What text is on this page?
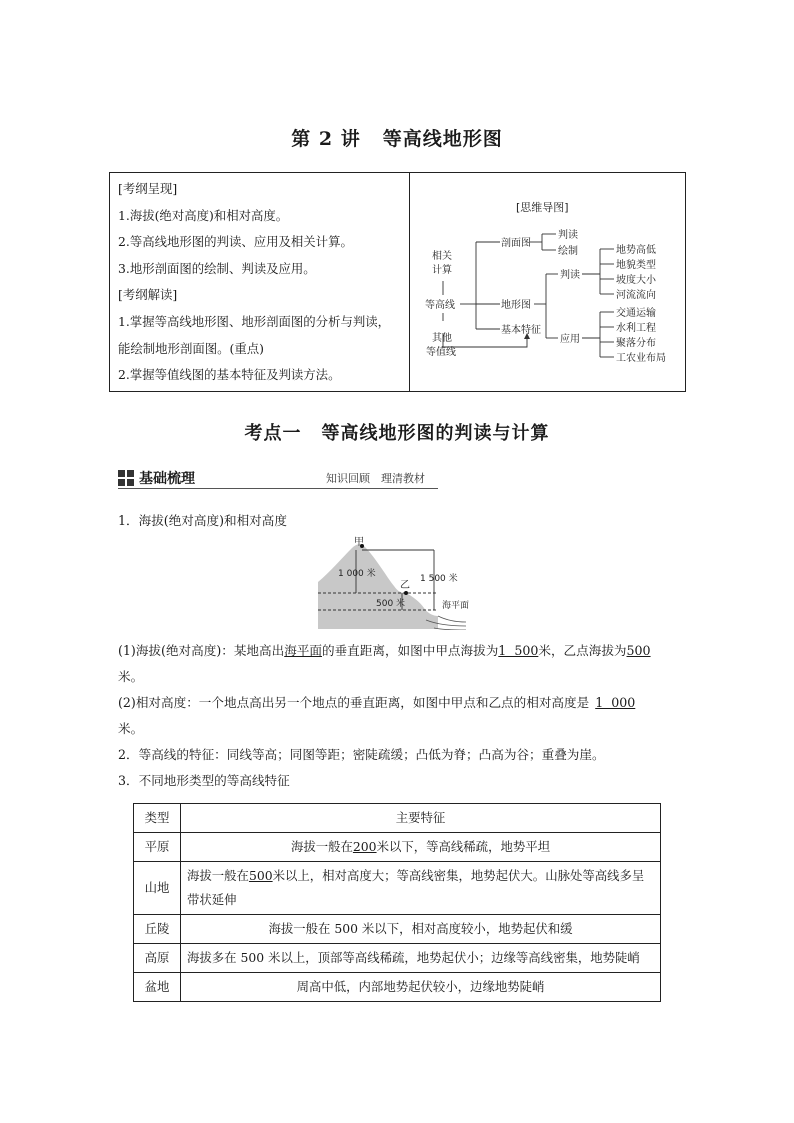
第 2 讲 等高线地形图

[考纲呈现]

1.海拔(绝对高度)和相对高度。

2.等高线地形图的判读、应用及相关计算。

3.地形剖面图的绘制、判读及应用。

[考纲解读]

1.掌握等高线地形图、地形剖面图的分析与判读，

能绘制地形剖面图。(重点)

2.掌握等值线图的基本特征及判读方法。

[思维导图]
相关
计算
等高线
其他
等值线
剖面图
地形图
基本特征
判读
绘制
判读
应用
地势高低
地貌类型
坡度大小
河流流向
交通运输
水利工程
聚落分布
工农业布局
考点一 等高线地形图的判读与计算
基础梳理	知识回顾　理清教材

1．海拔(绝对高度)和相对高度

甲
乙
1 000 米	1 500 米
500 米	海平面

(1)海拔(绝对高度)：某地高出海平面的垂直距离，如图中甲点海拔为1  500米，乙点海拔为500

米。

(2)相对高度：一个地点高出另一个地点的垂直距离，如图中甲点和乙点的相对高度是 1  000

米。

2．等高线的特征：同线等高；同图等距；密陡疏缓；凸低为脊；凸高为谷；重叠为崖。

3．不同地形类型的等高线特征

类型	主要特征
平原	海拔一般在200米以下，等高线稀疏，地势平坦
山地	海拔一般在500米以上，相对高度大；等高线密集，地势起伏大。山脉处等高线多呈带状延伸
丘陵	海拔一般在 500 米以下，相对高度较小，地势起伏和缓
高原	海拔多在 500 米以上，顶部等高线稀疏，地势起伏小；边缘等高线密集，地势陡峭
盆地	周高中低，内部地势起伏较小，边缘地势陡峭
